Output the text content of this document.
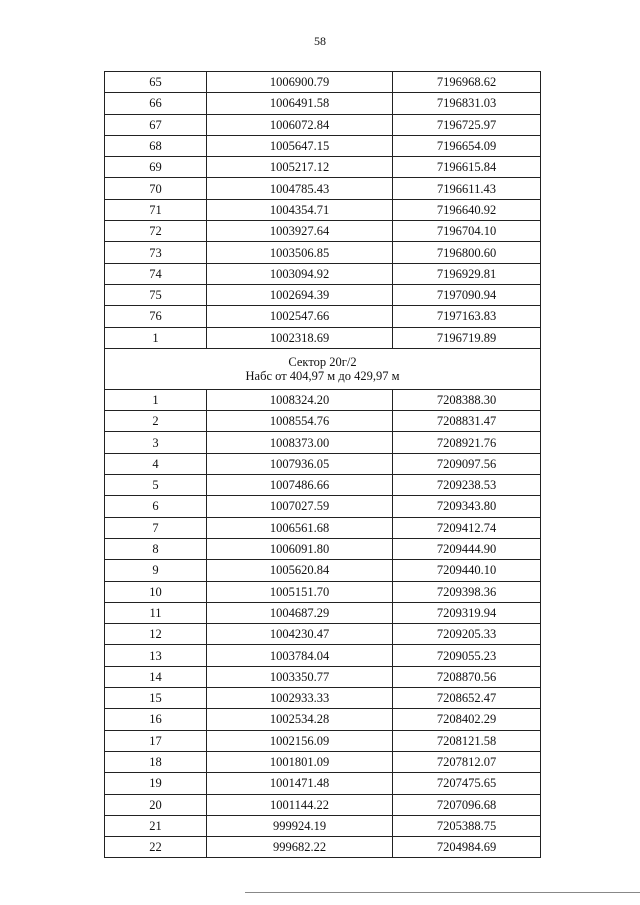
58
65	1006900.79	7196968.62
66	1006491.58	7196831.03
67	1006072.84	7196725.97
68	1005647.15	7196654.09
69	1005217.12	7196615.84
70	1004785.43	7196611.43
71	1004354.71	7196640.92
72	1003927.64	7196704.10
73	1003506.85	7196800.60
74	1003094.92	7196929.81
75	1002694.39	7197090.94
76	1002547.66	7197163.83
1	1002318.69	7196719.89

Сектор 20г/2
Набс от 404,97 м до 429,97 м		

1	1008324.20	7208388.30
2	1008554.76	7208831.47
3	1008373.00	7208921.76
4	1007936.05	7209097.56
5	1007486.66	7209238.53
6	1007027.59	7209343.80
7	1006561.68	7209412.74
8	1006091.80	7209444.90
9	1005620.84	7209440.10
10	1005151.70	7209398.36
11	1004687.29	7209319.94
12	1004230.47	7209205.33
13	1003784.04	7209055.23
14	1003350.77	7208870.56
15	1002933.33	7208652.47
16	1002534.28	7208402.29
17	1002156.09	7208121.58
18	1001801.09	7207812.07
19	1001471.48	7207475.65
20	1001144.22	7207096.68
21	999924.19	7205388.75
22	999682.22	7204984.69
